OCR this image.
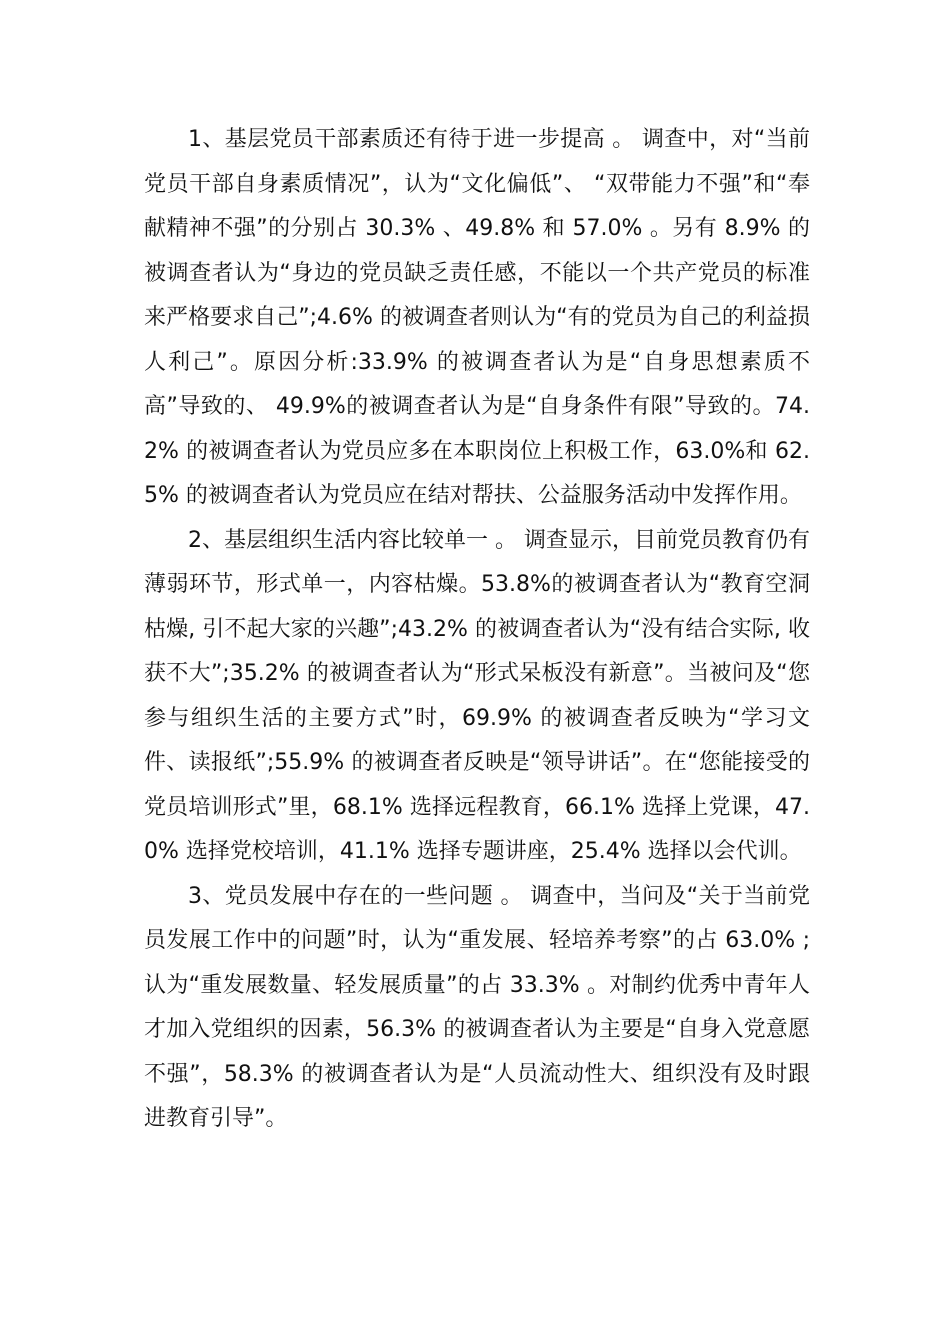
1、基层党员干部素质还有待于进一步提高 。 调查中，对“当前党员干部自身素质情况”，认为“文化偏低”、 “双带能力不强”和“奉献精神不强”的分别占 30.3% 、49.8% 和 57.0% 。另有 8.9% 的被调查者认为“身边的党员缺乏责任感，不能以一个共产党员的标准来严格要求自己”;4.6% 的被调查者则认为“有的党员为自己的利益损人利己”。原因分析:33.9% 的被调查者认为是“自身思想素质不高”导致的、 49.9%的被调查者认为是“自身条件有限”导致的。74.2% 的被调查者认为党员应多在本职岗位上积极工作，63.0%和 62.5% 的被调查者认为党员应在结对帮扶、公益服务活动中发挥作用。

2、基层组织生活内容比较单一 。 调查显示，目前党员教育仍有薄弱环节，形式单一，内容枯燥。53.8%的被调查者认为“教育空洞枯燥, 引不起大家的兴趣”;43.2% 的被调查者认为“没有结合实际, 收获不大”;35.2% 的被调查者认为“形式呆板没有新意”。当被问及“您参与组织生活的主要方式”时，69.9% 的被调查者反映为“学习文件、读报纸”;55.9% 的被调查者反映是“领导讲话”。在“您能接受的党员培训形式”里，68.1% 选择远程教育，66.1% 选择上党课，47.0% 选择党校培训，41.1% 选择专题讲座，25.4% 选择以会代训。

3、党员发展中存在的一些问题 。 调查中，当问及“关于当前党员发展工作中的问题”时，认为“重发展、轻培养考察”的占 63.0% ;认为“重发展数量、轻发展质量”的占 33.3% 。对制约优秀中青年人才加入党组织的因素，56.3% 的被调查者认为主要是“自身入党意愿不强”，58.3% 的被调查者认为是“人员流动性大、组织没有及时跟进教育引导”。
